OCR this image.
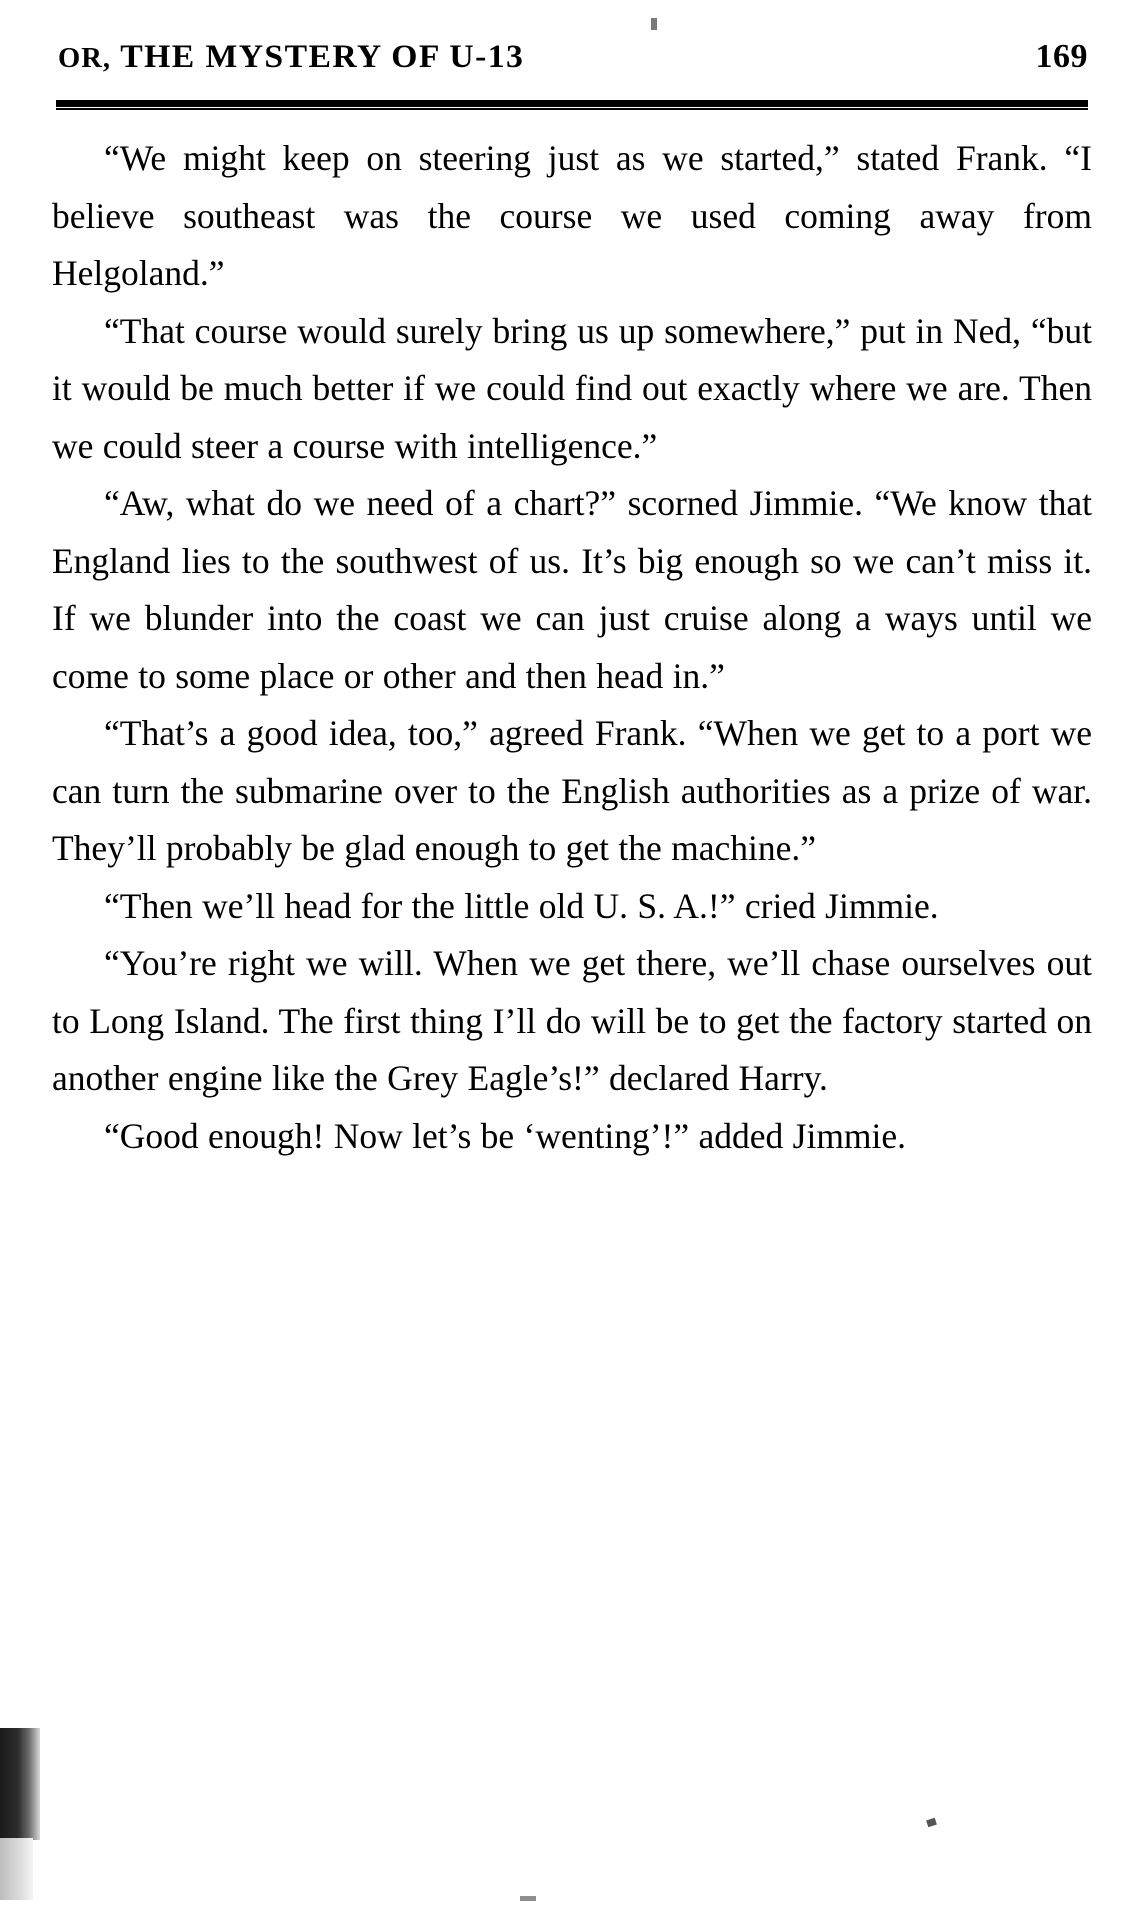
OR, THE MYSTERY OF U-13	169

“We might keep on steering just as we started,” stated Frank. “I believe southeast was the course we used coming away from Helgoland.”

“That course would surely bring us up somewhere,” put in Ned, “but it would be much better if we could find out exactly where we are. Then we could steer a course with intelligence.”

“Aw, what do we need of a chart?” scorned Jimmie. “We know that England lies to the southwest of us. It’s big enough so we can’t miss it. If we blunder into the coast we can just cruise along a ways until we come to some place or other and then head in.”

“That’s a good idea, too,” agreed Frank. “When we get to a port we can turn the submarine over to the English authorities as a prize of war. They’ll probably be glad enough to get the machine.”

“Then we’ll head for the little old U. S. A.!” cried Jimmie.

“You’re right we will. When we get there, we’ll chase ourselves out to Long Island. The first thing I’ll do will be to get the factory started on another engine like the Grey Eagle’s!” declared Harry.

“Good enough! Now let’s be ‘wenting’!” added Jimmie.
